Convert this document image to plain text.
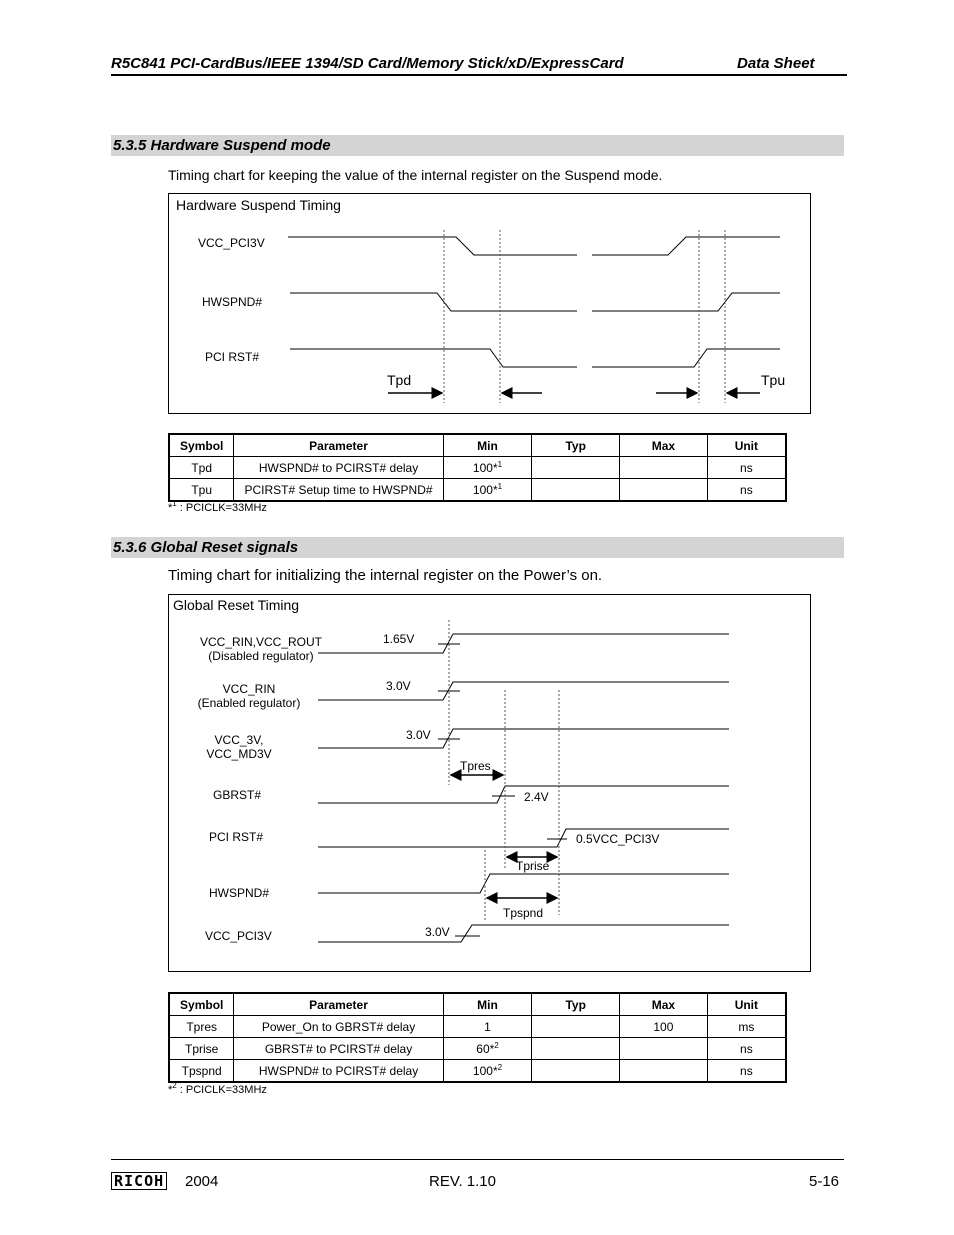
R5C841 PCI-CardBus/IEEE 1394/SD Card/Memory Stick/xD/ExpressCard	Data Sheet
5.3.5 Hardware Suspend mode
Timing chart for keeping the value of the internal register on the Suspend mode.
Hardware Suspend Timing
VCC_PCI3V
HWSPND#
PCI RST#
Tpd	Tpu
Symbol	Parameter	Min	Typ	Max	Unit
Tpd	HWSPND# to PCIRST# delay	100*$^1$			ns
Tpu	PCIRST# Setup time to HWSPND#	100*$^1$			ns
*$^1$ : PCICLK=33MHz
5.3.6 Global Reset signals
Timing chart for initializing the internal register on the Power’s on.
Global Reset Timing
VCC_RIN,VCC_ROUT
(Disabled regulator)
VCC_RIN
(Enabled regulator)
VCC_3V,
VCC_MD3V
GBRST#
PCI RST#
HWSPND#
VCC_PCI3V
1.65V
3.0V
3.0V
2.4V
0.5VCC_PCI3V
3.0V
Tpres
Tprise
Tpspnd
Symbol	Parameter	Min	Typ	Max	Unit
Tpres	Power_On to GBRST# delay	1		100	ms
Tprise	GBRST# to PCIRST# delay	60*$^2$			ns
Tpspnd	HWSPND# to PCIRST# delay	100*$^2$			ns
*$^2$ : PCICLK=33MHz
RICOH 2004	REV. 1.10	5-16
